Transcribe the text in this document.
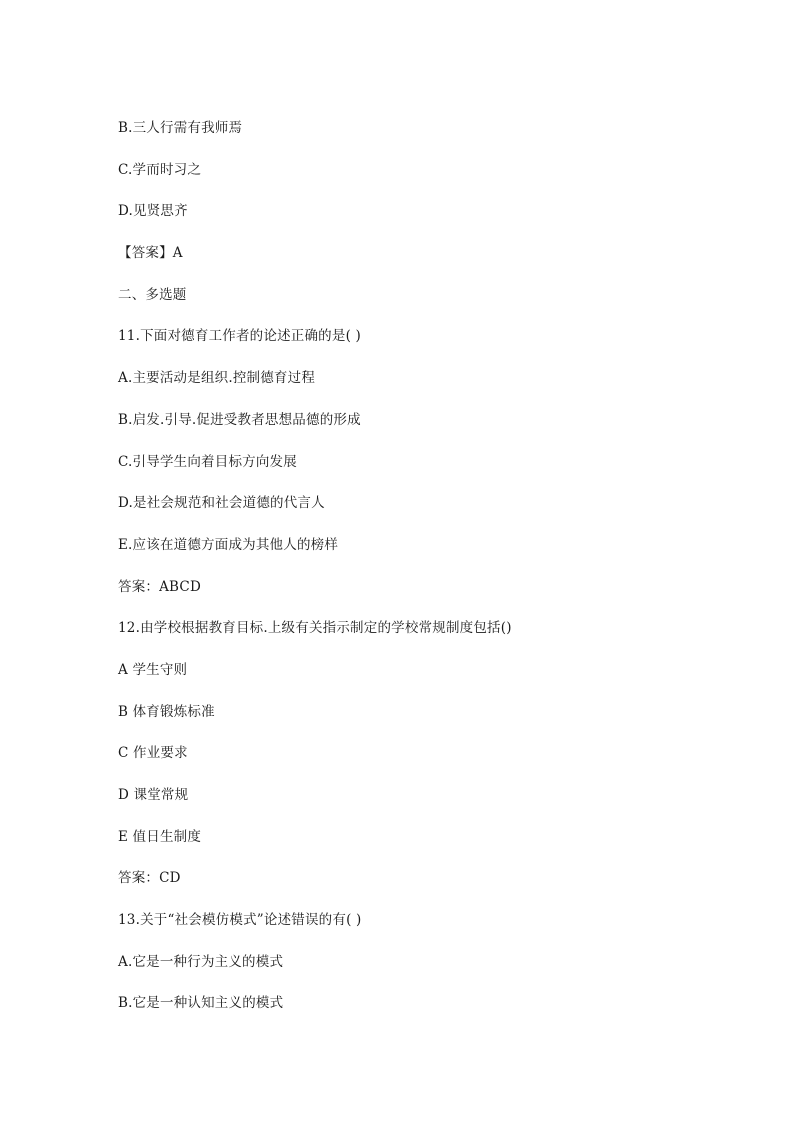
B.三人行需有我师焉
C.学而时习之
D.见贤思齐
【答案】A
二、多选题
11.下面对德育工作者的论述正确的是( )
A.主要活动是组织.控制德育过程
B.启发.引导.促进受教者思想品德的形成
C.引导学生向着目标方向发展
D.是社会规范和社会道德的代言人
E.应该在道德方面成为其他人的榜样
答案：ABCD
12.由学校根据教育目标.上级有关指示制定的学校常规制度包括()
A 学生守则
B 体育锻炼标准
C 作业要求
D 课堂常规
E 值日生制度
答案：CD
13.关于“社会模仿模式”论述错误的有( )
A.它是一种行为主义的模式
B.它是一种认知主义的模式
